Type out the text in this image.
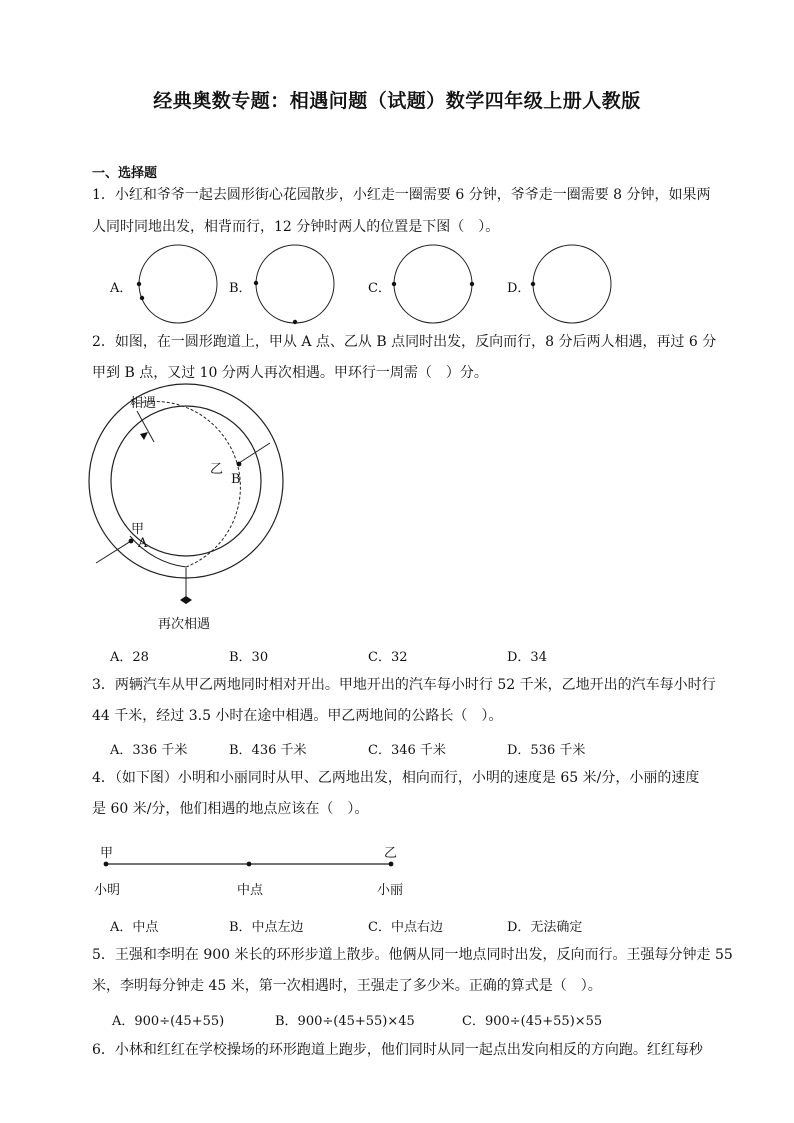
经典奥数专题：相遇问题（试题）数学四年级上册人教版
一、选择题
1．小红和爷爷一起去圆形街心花园散步，小红走一圈需要 6 分钟，爷爷走一圈需要 8 分钟，如果两
人同时同地出发，相背而行，12 分钟时两人的位置是下图（　）。
A．	B．	C．	D．
2．如图，在一圆形跑道上，甲从 A 点、乙从 B 点同时出发，反向而行，8 分后两人相遇，再过 6 分
甲到 B 点，又过 10 分两人再次相遇。甲环行一周需（　）分。
相遇
乙
B
甲
A
再次相遇
A．28	B．30	C．32	D．34
3．两辆汽车从甲乙两地同时相对开出。甲地开出的汽车每小时行 52 千米，乙地开出的汽车每小时行
44 千米，经过 3.5 小时在途中相遇。甲乙两地间的公路长（　）。
A．336 千米	B．436 千米	C．346 千米	D．536 千米
4．（如下图）小明和小丽同时从甲、乙两地出发，相向而行，小明的速度是 65 米/分，小丽的速度
是 60 米/分，他们相遇的地点应该在（　）。
甲	乙
小明	中点	小丽
A．中点	B．中点左边	C．中点右边	D．无法确定
5．王强和李明在 900 米长的环形步道上散步。他俩从同一地点同时出发，反向而行。王强每分钟走 55
米，李明每分钟走 45 米，第一次相遇时，王强走了多少米。正确的算式是（　）。
A．900÷(45+55)	B．900÷(45+55)×45	C．900÷(45+55)×55
6．小林和红红在学校操场的环形跑道上跑步，他们同时从同一起点出发向相反的方向跑。红红每秒
